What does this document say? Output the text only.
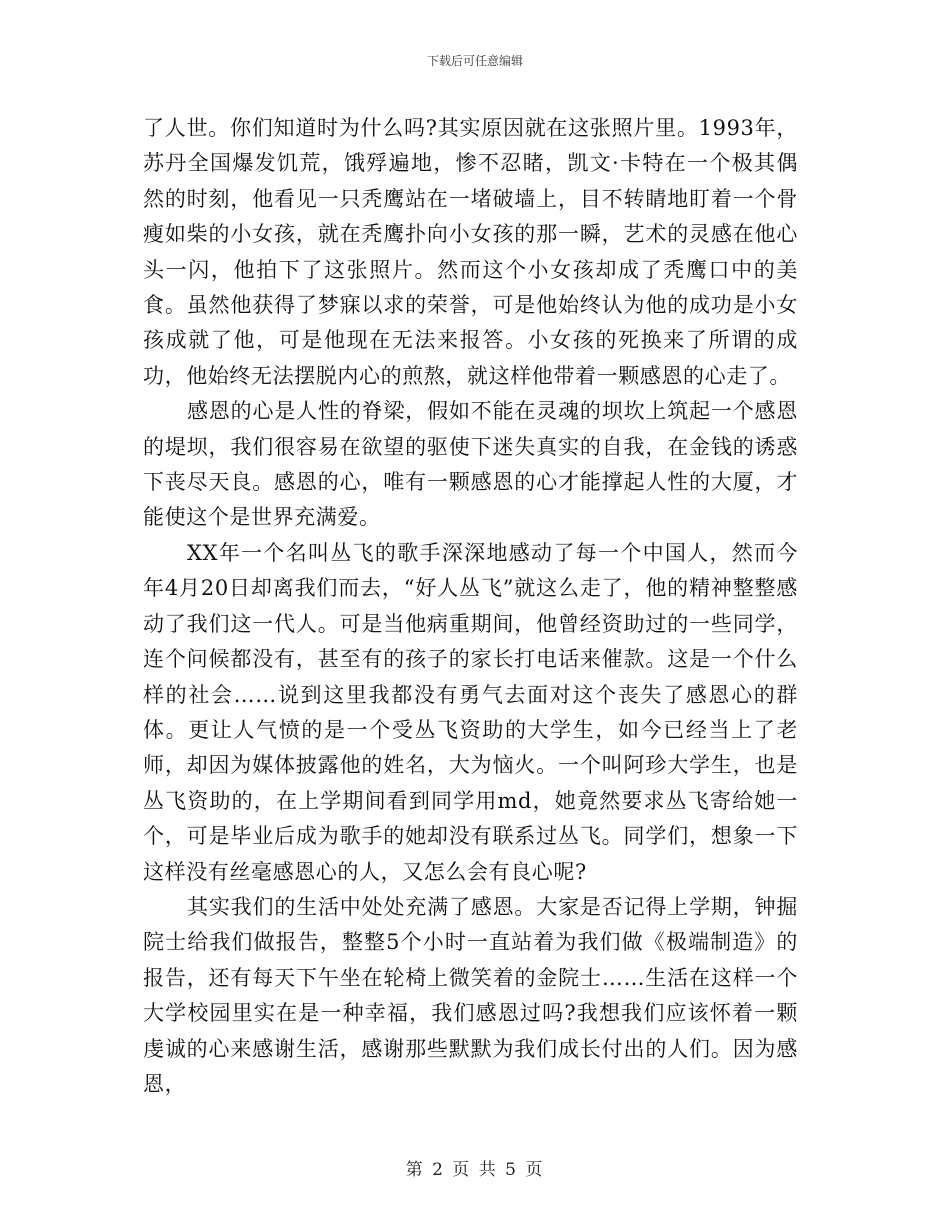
下载后可任意编辑

了人世。你们知道时为什么吗?其实原因就在这张照片里。1993年，苏丹全国爆发饥荒，饿殍遍地，惨不忍睹，凯文·卡特在一个极其偶然的时刻，他看见一只秃鹰站在一堵破墙上，目不转睛地盯着一个骨瘦如柴的小女孩，就在秃鹰扑向小女孩的那一瞬，艺术的灵感在他心头一闪，他拍下了这张照片。然而这个小女孩却成了秃鹰口中的美食。虽然他获得了梦寐以求的荣誉，可是他始终认为他的成功是小女孩成就了他，可是他现在无法来报答。小女孩的死换来了所谓的成功，他始终无法摆脱内心的煎熬，就这样他带着一颗感恩的心走了。

感恩的心是人性的脊梁，假如不能在灵魂的坝坎上筑起一个感恩的堤坝，我们很容易在欲望的驱使下迷失真实的自我，在金钱的诱惑下丧尽天良。感恩的心，唯有一颗感恩的心才能撑起人性的大厦，才能使这个是世界充满爱。

XX年一个名叫丛飞的歌手深深地感动了每一个中国人，然而今年4月20日却离我们而去，“好人丛飞”就这么走了，他的精神整整感动了我们这一代人。可是当他病重期间，他曾经资助过的一些同学，连个问候都没有，甚至有的孩子的家长打电话来催款。这是一个什么样的社会……说到这里我都没有勇气去面对这个丧失了感恩心的群体。更让人气愤的是一个受丛飞资助的大学生，如今已经当上了老师，却因为媒体披露他的姓名，大为恼火。一个叫阿珍大学生，也是丛飞资助的，在上学期间看到同学用md，她竟然要求丛飞寄给她一个，可是毕业后成为歌手的她却没有联系过丛飞。同学们，想象一下这样没有丝毫感恩心的人，又怎么会有良心呢?

其实我们的生活中处处充满了感恩。大家是否记得上学期，钟掘院士给我们做报告，整整5个小时一直站着为我们做《极端制造》的报告，还有每天下午坐在轮椅上微笑着的金院士……生活在这样一个大学校园里实在是一种幸福，我们感恩过吗?我想我们应该怀着一颗虔诚的心来感谢生活，感谢那些默默为我们成长付出的人们。因为感恩，

第 2 页 共 5 页
